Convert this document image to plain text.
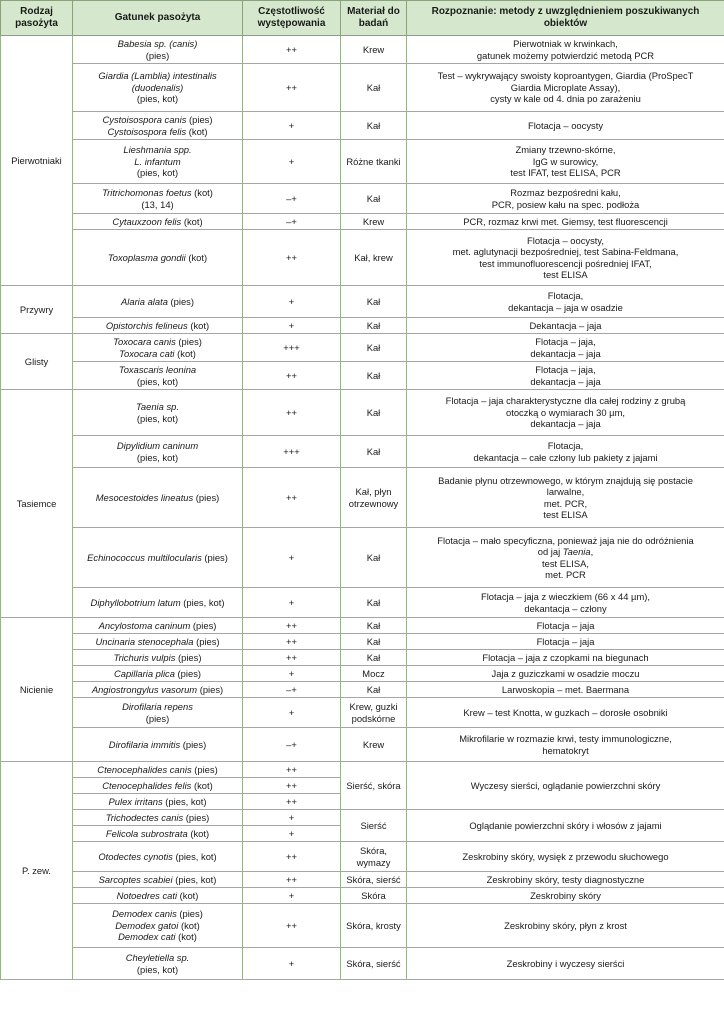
Rodzaj pasożyta	Gatunek pasożyta	Częstotliwość występowania	Materiał do badań	Rozpoznanie: metody z uwzględnieniem poszukiwanych obiektów
Pierwotniaki	Babesia sp. (canis)
(pies)	++	Krew	Pierwotniak w krwinkach,
gatunek możemy potwierdzić metodą PCR
	Giardia (Lamblia) intestinalis
(duodenalis)
(pies, kot)	++	Kał	Test – wykrywający swoisty koproantygen, Giardia (ProSpecT
Giardia Microplate Assay),
cysty w kale od 4. dnia po zarażeniu
	Cystoisospora canis (pies)
Cystoisospora felis (kot)	+	Kał	Flotacja – oocysty
	Lieshmania spp.
L. infantum
(pies, kot)	+	Różne tkanki	Zmiany trzewno-skórne,
IgG w surowicy,
test IFAT, test ELISA, PCR
	Tritrichomonas foetus (kot)
(13, 14)	–+	Kał	Rozmaz bezpośredni kału,
PCR, posiew kału na spec. podłoża
	Cytauxzoon felis (kot)	–+	Krew	PCR, rozmaz krwi met. Giemsy, test fluorescencji
	Toxoplasma gondii (kot)	++	Kał, krew	Flotacja – oocysty,
met. aglutynacji bezpośredniej, test Sabina-Feldmana,
test immunofluorescencji pośredniej IFAT,
test ELISA
Przywry	Alaria alata (pies)	+	Kał	Flotacja,
dekantacja – jaja w osadzie
	Opistorchis felineus (kot)	+	Kał	Dekantacja – jaja
Glisty	Toxocara canis (pies)
Toxocara cati (kot)	+++	Kał	Flotacja – jaja,
dekantacja – jaja
	Toxascaris leonina
(pies, kot)	++	Kał	Flotacja – jaja,
dekantacja – jaja
Tasiemce	Taenia sp.
(pies, kot)	++	Kał	Flotacja – jaja charakterystyczne dla całej rodziny z grubą
otoczką o wymiarach 30 µm,
dekantacja – jaja
	Dipylidium caninum
(pies, kot)	+++	Kał	Flotacja,
dekantacja – całe człony lub pakiety z jajami
	Mesocestoides lineatus (pies)	++	Kał, płyn otrzewnowy	Badanie płynu otrzewnowego, w którym znajdują się postacie
larwalne,
met. PCR,
test ELISA
	Echinococcus multilocularis (pies)	+	Kał	Flotacja – mało specyficzna, ponieważ jaja nie do odróżnienia
od jaj Taenia,
test ELISA,
met. PCR
	Diphyllobotrium latum (pies, kot)	+	Kał	Flotacja – jaja z wieczkiem (66 x 44 µm),
dekantacja – człony
Nicienie	Ancylostoma caninum (pies)	++	Kał	Flotacja – jaja
	Uncinaria stenocephala (pies)	++	Kał	Flotacja – jaja
	Trichuris vulpis (pies)	++	Kał	Flotacja – jaja z czopkami na biegunach
	Capillaria plica (pies)	+	Mocz	Jaja z guziczkami w osadzie moczu
	Angiostrongylus vasorum (pies)	–+	Kał	Larwoskopia – met. Baermana
	Dirofilaria repens
(pies)	+	Krew, guzki podskórne	Krew – test Knotta, w guzkach – dorosłe osobniki
	Dirofilaria immitis (pies)	–+	Krew	Mikrofilarie w rozmazie krwi, testy immunologiczne,
hematokryt
P. zew.	Ctenocephalides canis (pies)	++	Sierść, skóra	Wyczesy sierści, oglądanie powierzchni skóry
	Ctenocephalides felis (kot)	++		
	Pulex irritans (pies, kot)	++		
	Trichodectes canis (pies)	+	Sierść	Oglądanie powierzchni skóry i włosów z jajami
	Felicola subrostrata (kot)	+		
	Otodectes cynotis (pies, kot)	++	Skóra, wymazy	Zeskrobiny skóry, wysięk z przewodu słuchowego
	Sarcoptes scabiei (pies, kot)	++	Skóra, sierść	Zeskrobiny skóry, testy diagnostyczne
	Notoedres cati (kot)	+	Skóra	Zeskrobiny skóry
	Demodex canis (pies)
Demodex gatoi (kot)
Demodex cati (kot)	++	Skóra, krosty	Zeskrobiny skóry, płyn z krost
	Cheyletiella sp.
(pies, kot)	+	Skóra, sierść	Zeskrobiny i wyczesy sierści
